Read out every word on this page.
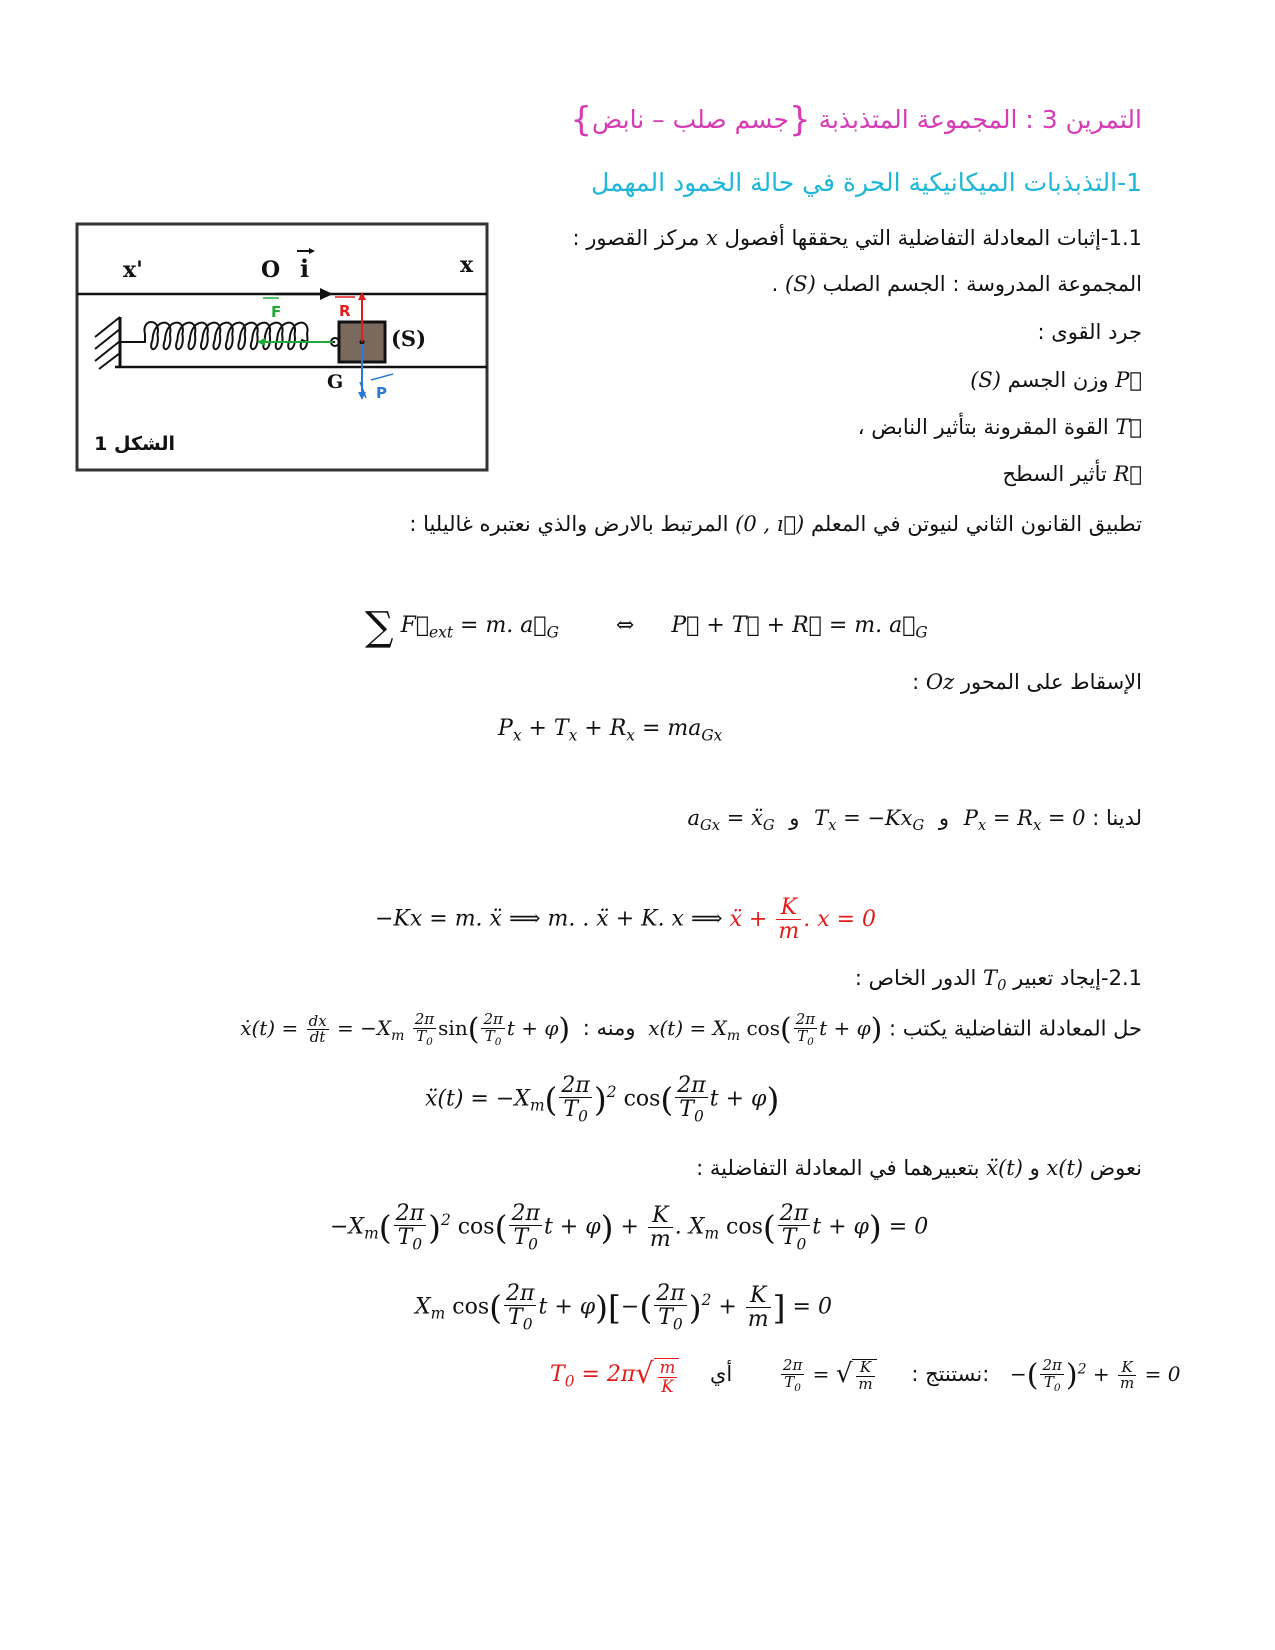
التمرين 3 : المجموعة المتذبذبة {جسم صلب – نابض}
1-التذبذبات الميكانيكية الحرة في حالة الخمود المهمل
x'	O i	x
F	R
(S)
G P
الشكل 1
1.1-إثبات المعادلة التفاضلية التي يحققها أفصول x مركز القصور :
المجموعة المدروسة : الجسم الصلب (S) .
جرد القوى :
P⃗ وزن الجسم (S)
T⃗ القوة المقرونة بتأثير النابض ،
R⃗ تأثير السطح
تطبيق القانون الثاني لنيوتن في المعلم (0 , ı⃗) المرتبط بالارض والذي نعتبره غاليليا :
∑ $F⃗_{ext} = m$. $a⃗_G$	⇔ P⃗ + T⃗ + R⃗ = m. $a⃗_G$
الإسقاط على المحور Oz :
$P_x + T_x + R_x = ma_{Gx}$
لدينا : $P_x = R_x = 0$ و $T_x = -Kx_G$ و $a_{Gx}$ = ẍ$_G$
−Kx = m. ẍ ⟹ m. . ẍ + K. x ⟹ ẍ + $\frac{K}{m}$ . x = 0
2.1-إيجاد تعبير $T_0$ الدور الخاص :
حل المعادلة التفاضلية يكتب : $x(t) = X_m$ $\cos( \frac{2\pi}{T_0}$ t + φ) ومنه : ẋ(t) = $\frac{dx}{dt} = -X_m \frac{2\pi}{T_0} \sin( \frac{2\pi}{T_0}$ t + φ)
ẍ(t) = $-X_m( \frac{2\pi}{T_0} )^2$ $\cos( \frac{2\pi}{T_0}$ t + φ)
نعوض x(t) و ẍ(t) بتعبيرهما في المعادلة التفاضلية :
$-X_m( \frac{2\pi}{T_0} )^2$ $\cos( \frac{2\pi}{T_0}$ $t + \varphi) + \frac{K}{m}$ . $X_m$ $\cos( \frac{2\pi}{T_0}$ t + φ) = 0
$X_m$ $\cos( \frac{2\pi}{T_0}$ $t + \varphi)[-( \frac{2\pi}{T_0} )^2 + \frac{K}{m}$ ] = 0
$T_0 = 2\pi√ \frac{m}{K}$	نستنتج :
$\frac{2\pi}{T_0}$ = √ $\frac{K}{m}$
أي: −( $\frac{2\pi}{T_0} )^2 + \frac{K}{m} = 0$
